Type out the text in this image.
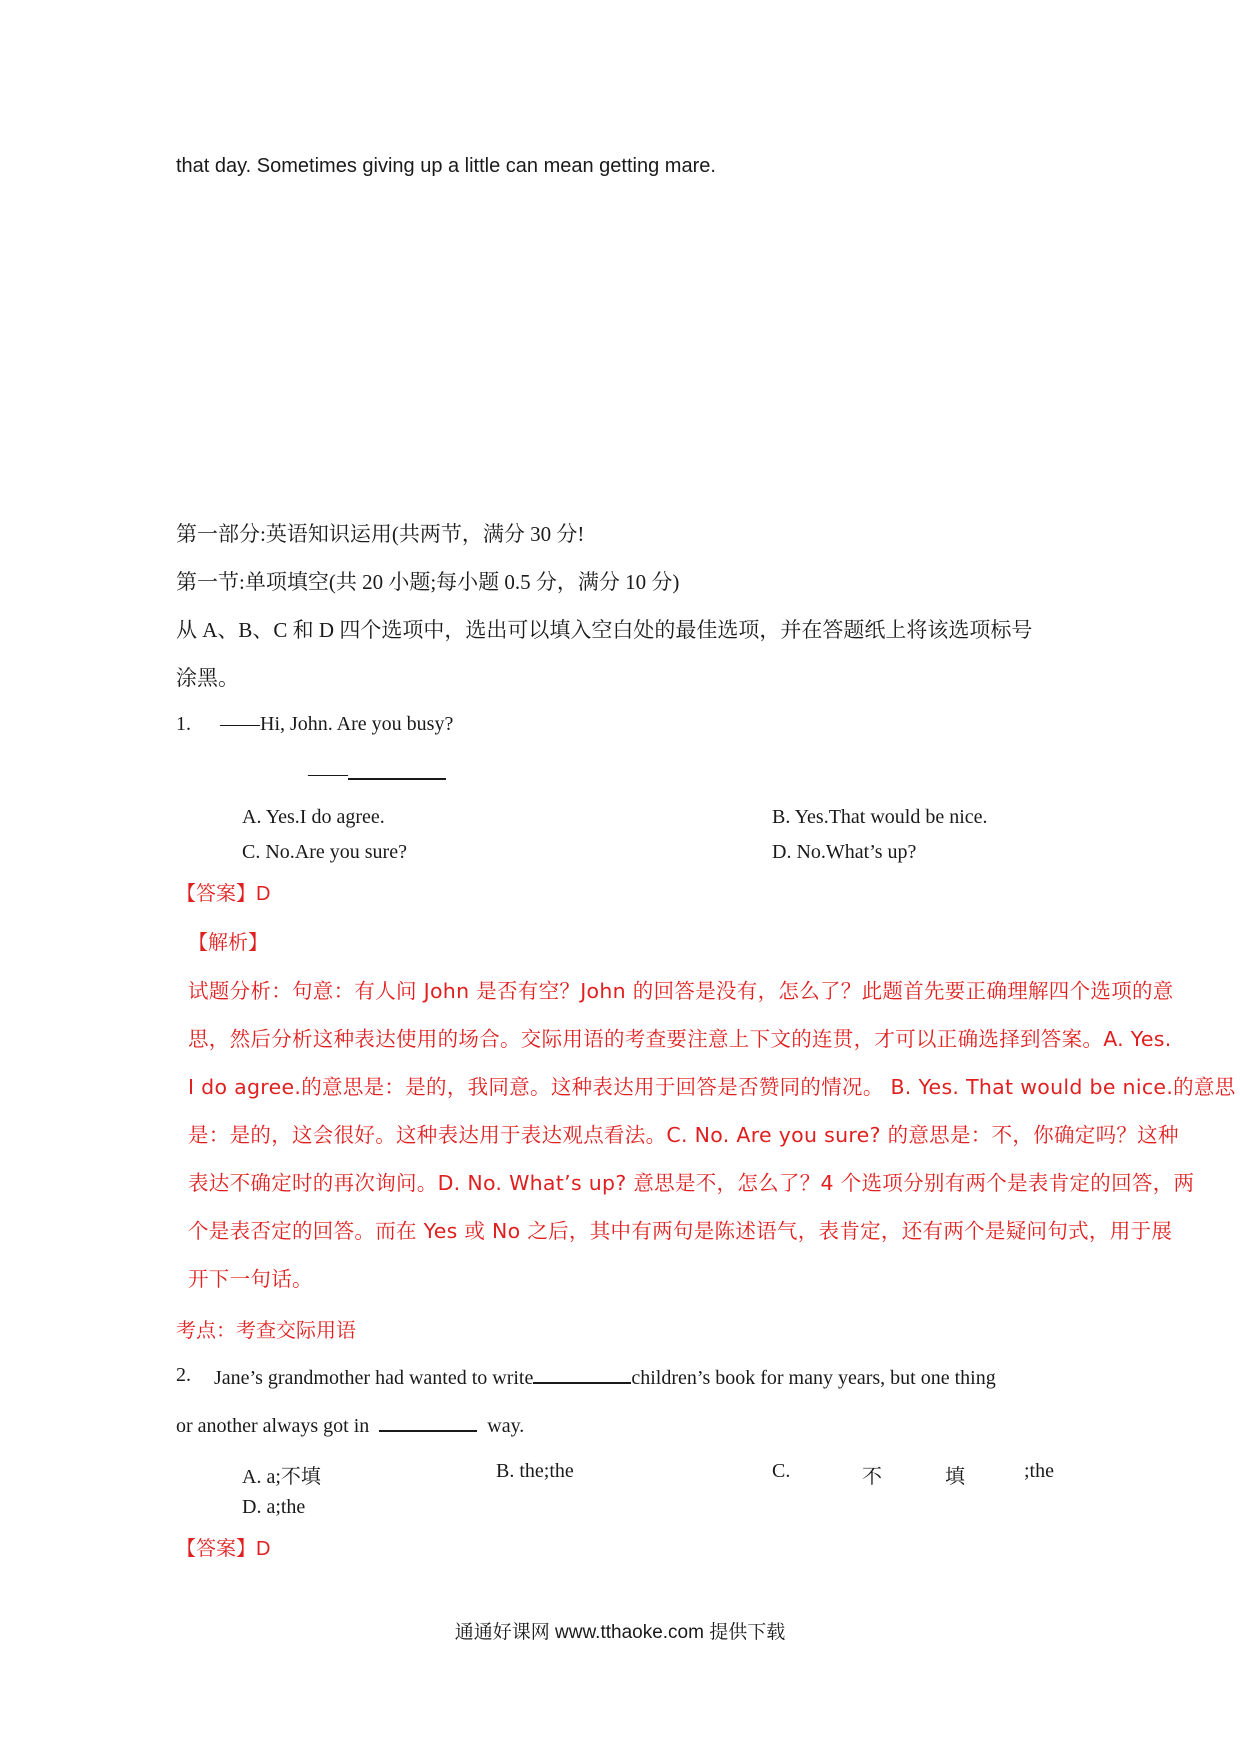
that day. Sometimes giving up a little can mean getting mare.
第一部分:英语知识运用(共两节，满分 30 分!
第一节:单项填空(共 20 小题;每小题 0.5 分，满分 10 分)
从 A、B、C 和 D 四个选项中，选出可以填入空白处的最佳选项，并在答题纸上将该选项标号
涂黑。
1. ——Hi, John. Are you busy?
——
A. Yes.I do agree.	B. Yes.That would be nice.
C. No.Are you sure?	D. No.What’s up?
【答案】D
【解析】
试题分析：句意：有人问 John 是否有空？John 的回答是没有，怎么了？此题首先要正确理解四个选项的意
思，然后分析这种表达使用的场合。交际用语的考查要注意上下文的连贯，才可以正确选择到答案。A. Yes.
I do agree.的意思是：是的，我同意。这种表达用于回答是否赞同的情况。 B. Yes. That would be nice.的意思
是：是的，这会很好。这种表达用于表达观点看法。C. No. Are you sure? 的意思是：不，你确定吗？这种
表达不确定时的再次询问。D. No. What’s up? 意思是不，怎么了？4 个选项分别有两个是表肯定的回答，两
个是表否定的回答。而在 Yes 或 No 之后，其中有两句是陈述语气，表肯定，还有两个是疑问句式，用于展
开下一句话。
考点：考查交际用语
2. Jane’s grandmother had wanted to write	children’s book for many years, but one thing
or another always got in	way.
A. a;不填	B. the;the	C.	不	填	;the
D. a;the
【答案】D
通通好课网 www.tthaoke.com 提供下载
